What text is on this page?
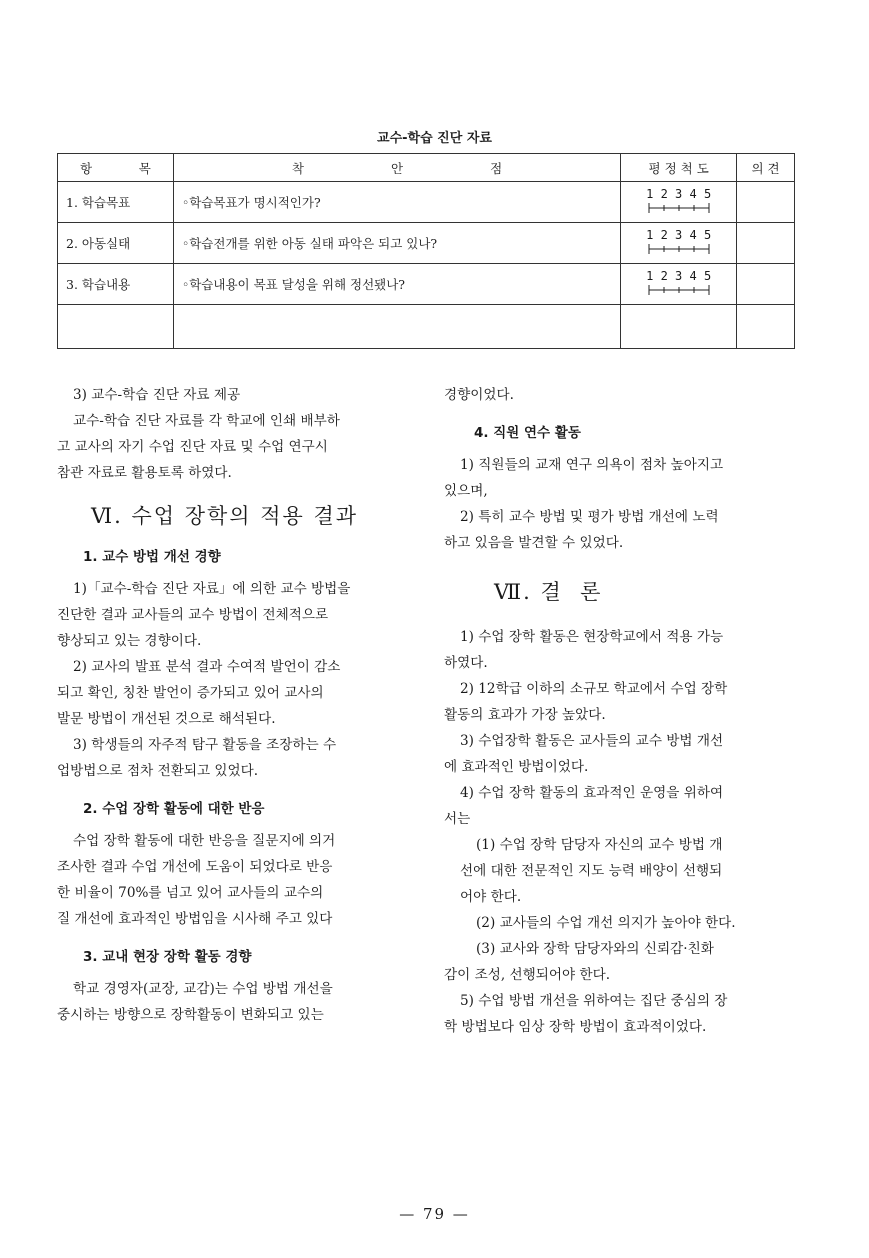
교수-학습 진단 자료
항 목	착 안 점	평 정 척 도	의 견
1. 학습목표	◦학습목표가 명시적인가?	1 2 3 4 5	

2. 아동실태	◦학습전개를 위한 아동 실태 파악은 되고 있나?	1 2 3 4 5	

3. 학습내용	◦학습내용이 목표 달성을 위해 정선됐나?	1 2 3 4 5	

3) 교수-학습 진단 자료 제공
교수-학습 진단 자료를 각 학교에 인쇄 배부하
고 교사의 자기 수업 진단 자료 및 수업 연구시
참관 자료로 활용토록 하였다.
Ⅵ. 수업 장학의 적용 결과
1. 교수 방법 개선 경향
1)「교수-학습 진단 자료」에 의한 교수 방법을
진단한 결과 교사들의 교수 방법이 전체적으로
향상되고 있는 경향이다.
2) 교사의 발표 분석 결과 수여적 발언이 감소
되고 확인, 칭찬 발언이 증가되고 있어 교사의
발문 방법이 개선된 것으로 해석된다.
3) 학생들의 자주적 탐구 활동을 조장하는 수
업방법으로 점차 전환되고 있었다.
2. 수업 장학 활동에 대한 반응
수업 장학 활동에 대한 반응을 질문지에 의거
조사한 결과 수업 개선에 도움이 되었다로 반응
한 비율이 70%를 넘고 있어 교사들의 교수의
질 개선에 효과적인 방법임을 시사해 주고 있다
3. 교내 현장 장학 활동 경향
학교 경영자(교장, 교감)는 수업 방법 개선을
중시하는 방향으로 장학활동이 변화되고 있는
경향이었다.
4. 직원 연수 활동
1) 직원들의 교재 연구 의욕이 점차 높아지고
있으며,
2) 특히 교수 방법 및 평가 방법 개선에 노력
하고 있음을 발견할 수 있었다.
Ⅶ. 결  론
1) 수업 장학 활동은 현장학교에서 적용 가능
하였다.
2) 12학급 이하의 소규모 학교에서 수업 장학
활동의 효과가 가장 높았다.
3) 수업장학 활동은 교사들의 교수 방법 개선
에 효과적인 방법이었다.
4) 수업 장학 활동의 효과적인 운영을 위하여
서는
(1) 수업 장학 담당자 자신의 교수 방법 개
선에 대한 전문적인 지도 능력 배양이 선행되
어야 한다.
(2) 교사들의 수업 개선 의지가 높아야 한다.
(3) 교사와 장학 담당자와의 신뢰감·친화
감이 조성, 선행되어야 한다.
5) 수업 방법 개선을 위하여는 집단 중심의 장
학 방법보다 임상 장학 방법이 효과적이었다.
— 79 —
